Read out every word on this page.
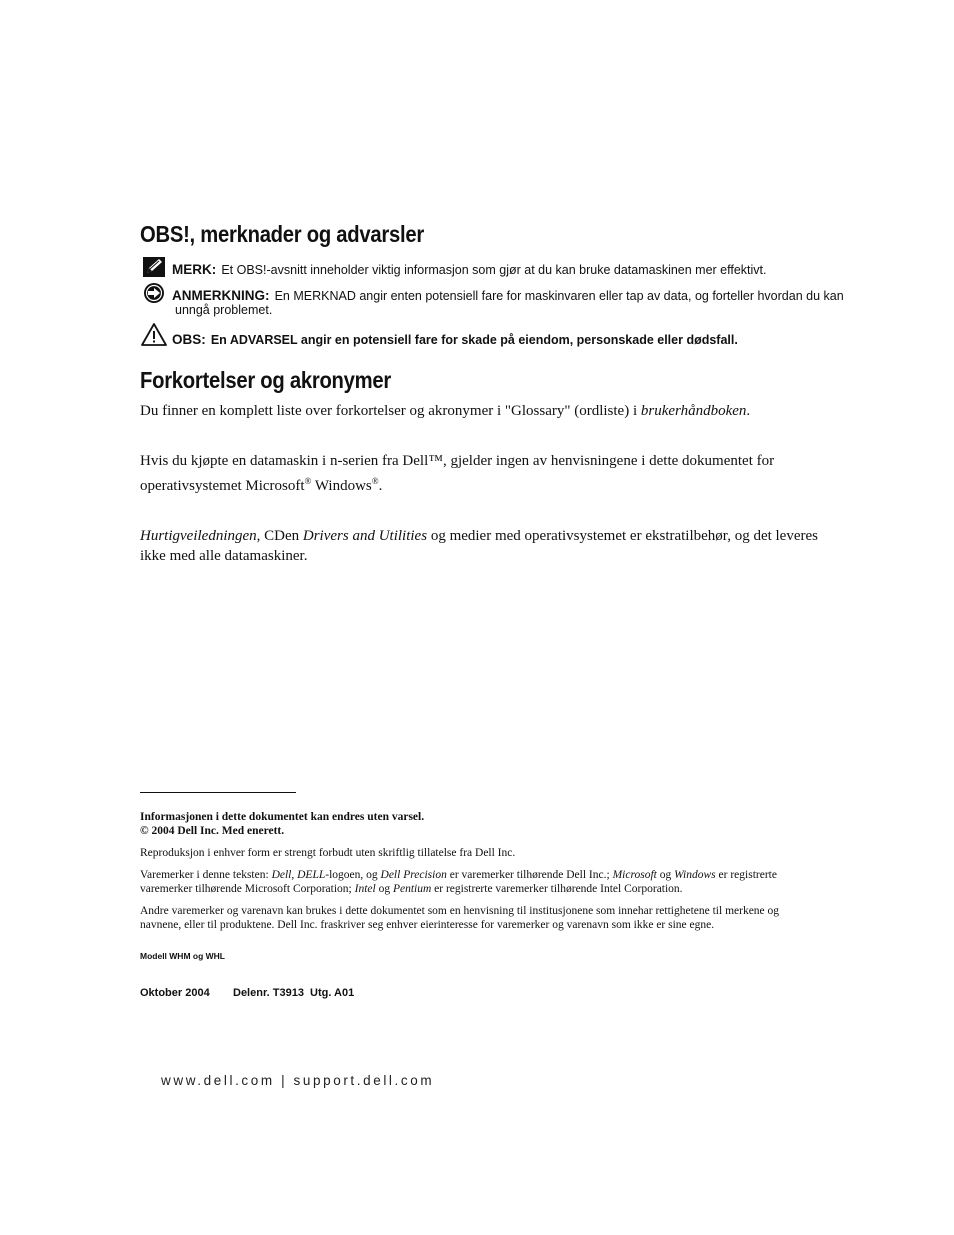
OBS!, merknader og advarsler
MERK: Et OBS!-avsnitt inneholder viktig informasjon som gjør at du kan bruke datamaskinen mer effektivt.
ANMERKNING: En MERKNAD angir enten potensiell fare for maskinvaren eller tap av data, og forteller hvordan du kan
unngå problemet.
OBS: En ADVARSEL angir en potensiell fare for skade på eiendom, personskade eller dødsfall.
Forkortelser og akronymer

Du finner en komplett liste over forkortelser og akronymer i "Glossary" (ordliste) i brukerhåndboken.

Hvis du kjøpte en datamaskin i n-serien fra Dell™, gjelder ingen av henvisningene i dette dokumentet for
operativsystemet Microsoft® Windows®.

Hurtigveiledningen, CDen Drivers and Utilities og medier med operativsystemet er ekstratilbehør, og det leveres
ikke med alle datamaskiner.

Informasjonen i dette dokumentet kan endres uten varsel.
© 2004 Dell Inc. Med enerett.

Reproduksjon i enhver form er strengt forbudt uten skriftlig tillatelse fra Dell Inc.

Varemerker i denne teksten: Dell, DELL-logoen, og Dell Precision er varemerker tilhørende Dell Inc.; Microsoft og Windows er registrerte
varemerker tilhørende Microsoft Corporation; Intel og Pentium er registrerte varemerker tilhørende Intel Corporation.

Andre varemerker og varenavn kan brukes i dette dokumentet som en henvisning til institusjonene som innehar rettighetene til merkene og
navnene, eller til produktene. Dell Inc. fraskriver seg enhver eierinteresse for varemerker og varenavn som ikke er sine egne.

Modell WHM og WHL
Oktober 2004 Delenr. T3913 Utg. A01
www.dell.com | support.dell.com
